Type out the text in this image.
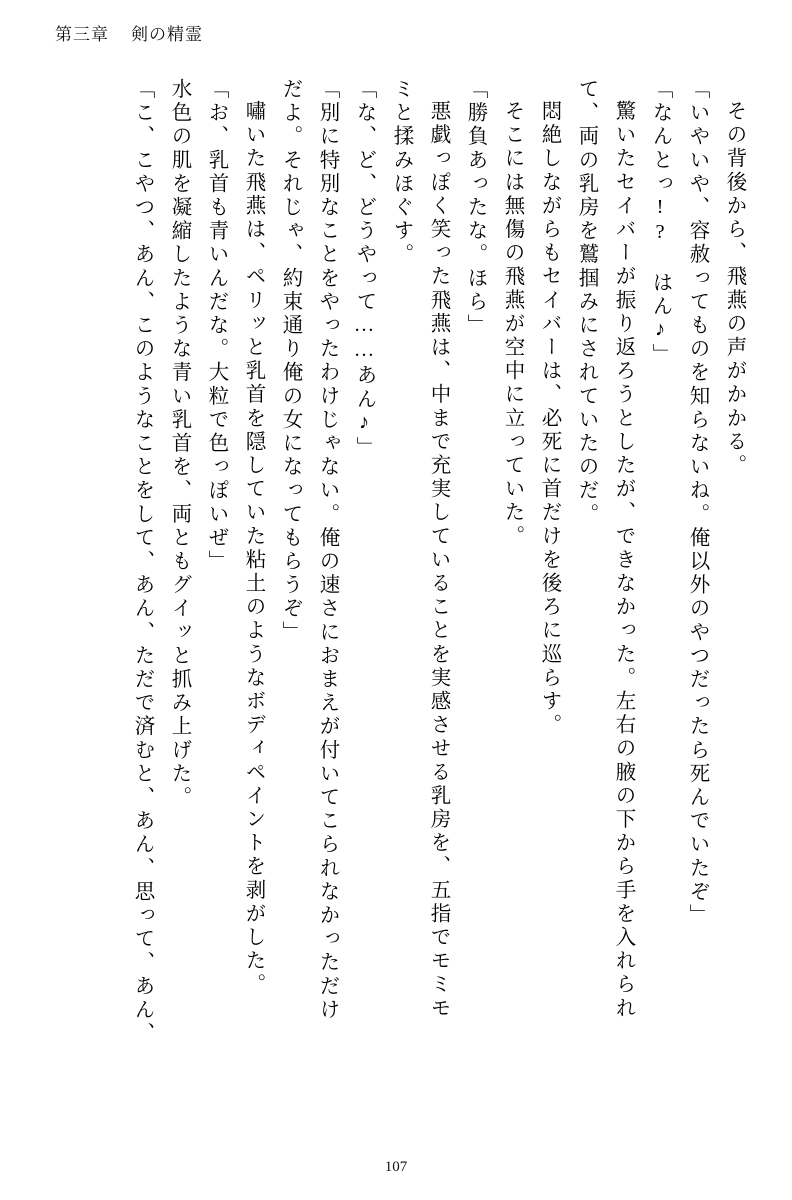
第三章 剣の精霊
その背後から、飛燕の声がかかる。
「いやいや、容赦ってものを知らないね。俺以外のやつだったら死んでいたぞ」
「なんとっ!? はん♪」
驚いたセイバーが振り返ろうとしたが、できなかった。左右の腋の下から手を入れられ
て、両の乳房を鷲掴みにされていたのだ。
悶絶しながらもセイバーは、必死に首だけを後ろに巡らす。
そこには無傷の飛燕が空中に立っていた。
「勝負あったな。ほら」
悪戯っぽく笑った飛燕は、中まで充実していることを実感させる乳房を、五指でモミモ
ミと揉みほぐす。
「な、ど、どうやって……あん♪」
「別に特別なことをやったわけじゃない。俺の速さにおまえが付いてこられなかっただけ
だよ。それじゃ、約束通り俺の女になってもらうぞ」
嘯いた飛燕は、ペリッと乳首を隠していた粘土のようなボディペイントを剥がした。
「お、乳首も青いんだな。大粒で色っぽいぜ」
水色の肌を凝縮したような青い乳首を、両ともグイッと抓み上げた。
「こ、こやつ、あん、このようなことをして、あん、ただで済むと、あん、思って、あん、
107
